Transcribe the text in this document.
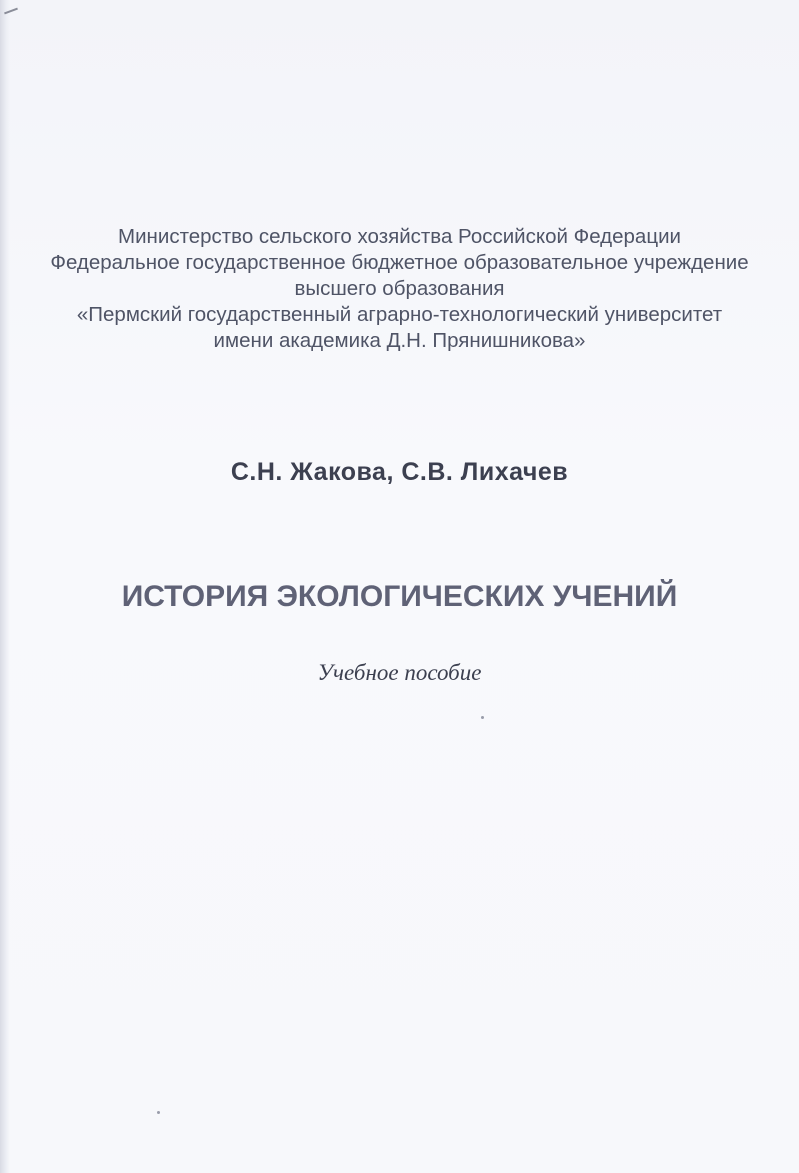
Министерство сельского хозяйства Российской Федерации
Федеральное государственное бюджетное образовательное учреждение
высшего образования
«Пермский государственный аграрно-технологический университет
имени академика Д.Н. Прянишникова»
С.Н. Жакова, С.В. Лихачев
ИСТОРИЯ ЭКОЛОГИЧЕСКИХ УЧЕНИЙ
Учебное пособие
